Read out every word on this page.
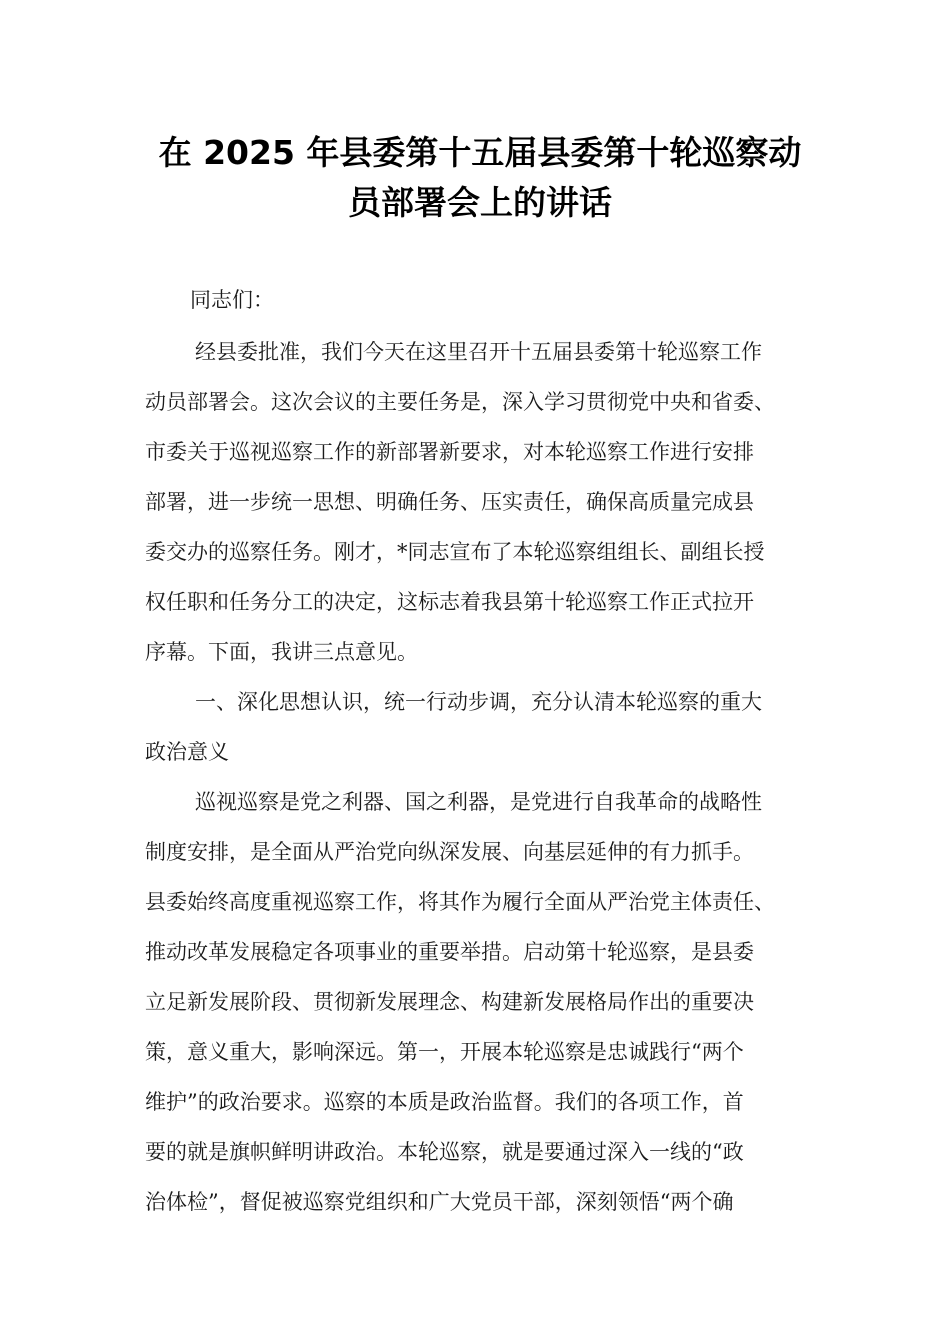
在 2025 年县委第十五届县委第十轮巡察动
员部署会上的讲话
同志们：
经县委批准，我们今天在这里召开十五届县委第十轮巡察工作
动员部署会。这次会议的主要任务是，深入学习贯彻党中央和省委、
市委关于巡视巡察工作的新部署新要求，对本轮巡察工作进行安排
部署，进一步统一思想、明确任务、压实责任，确保高质量完成县
委交办的巡察任务。刚才，*同志宣布了本轮巡察组组长、副组长授
权任职和任务分工的决定，这标志着我县第十轮巡察工作正式拉开
序幕。下面，我讲三点意见。
一、深化思想认识，统一行动步调，充分认清本轮巡察的重大
政治意义
巡视巡察是党之利器、国之利器，是党进行自我革命的战略性
制度安排，是全面从严治党向纵深发展、向基层延伸的有力抓手。
县委始终高度重视巡察工作，将其作为履行全面从严治党主体责任、
推动改革发展稳定各项事业的重要举措。启动第十轮巡察，是县委
立足新发展阶段、贯彻新发展理念、构建新发展格局作出的重要决
策，意义重大，影响深远。第一，开展本轮巡察是忠诚践行“两个
维护”的政治要求。巡察的本质是政治监督。我们的各项工作，首
要的就是旗帜鲜明讲政治。本轮巡察，就是要通过深入一线的“政
治体检”，督促被巡察党组织和广大党员干部，深刻领悟“两个确
